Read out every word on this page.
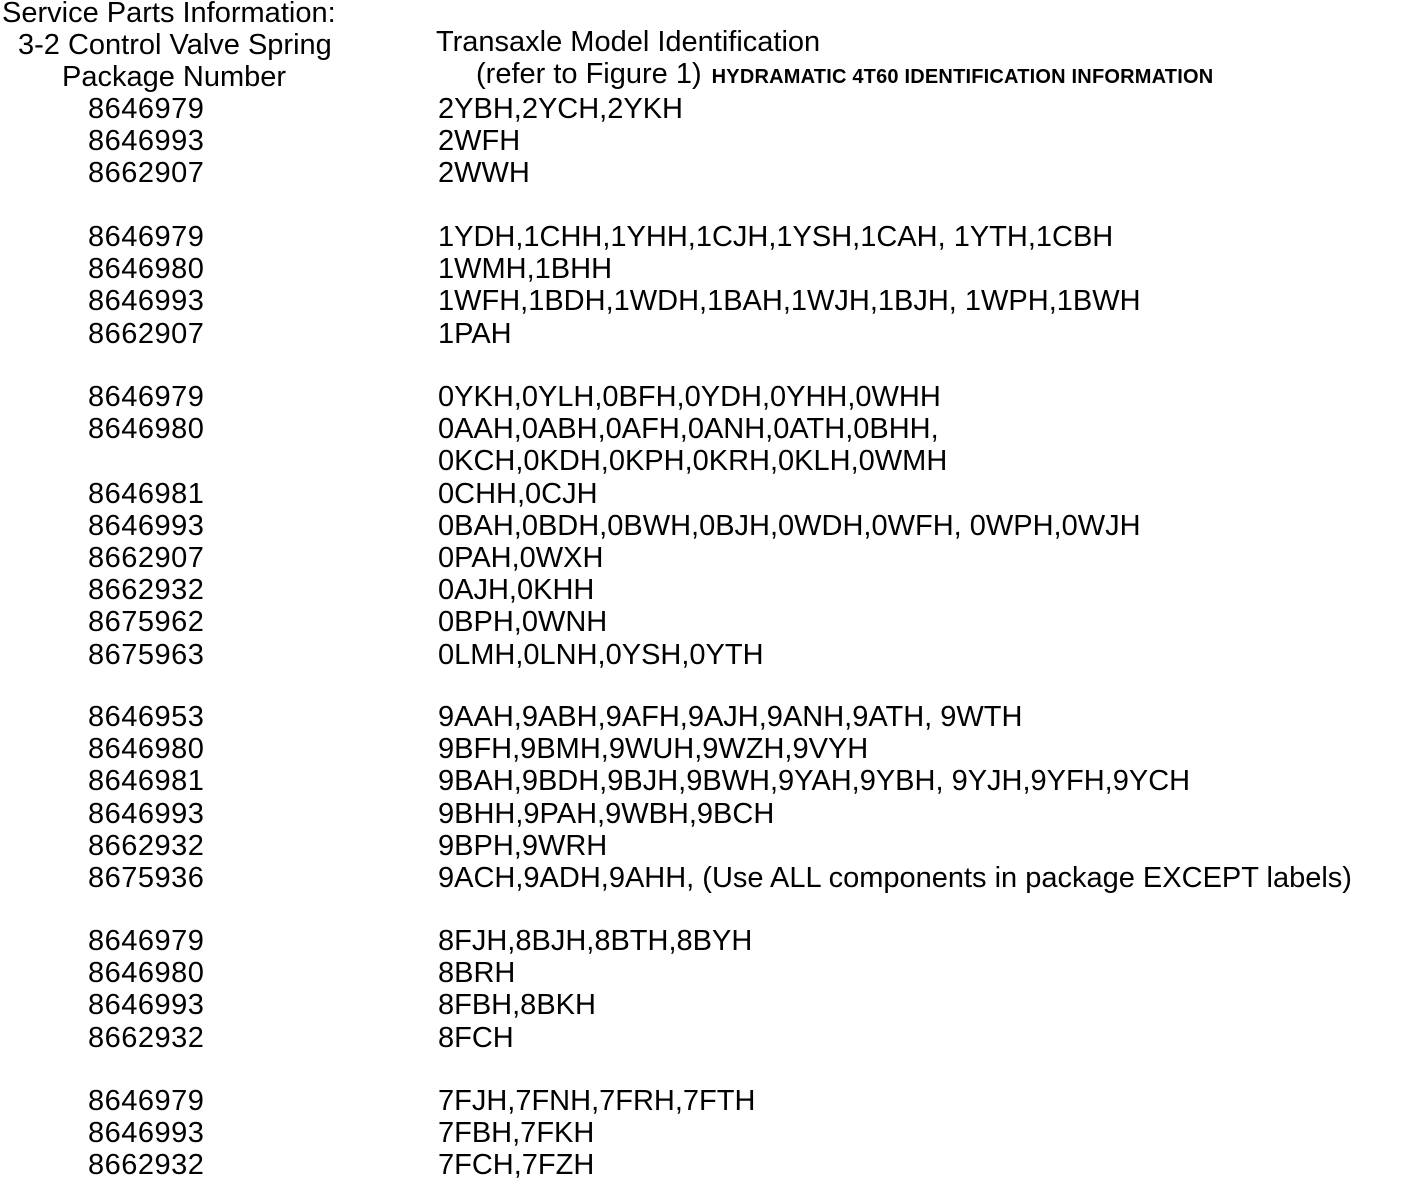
Service Parts Information:
3-2 Control Valve Spring
Package Number
Transaxle Model Identification
(refer to Figure 1) HYDRAMATIC 4T60 IDENTIFICATION INFORMATION
8646979	2YBH,2YCH,2YKH
8646993	2WFH
8662907	2WWH
8646979	1YDH,1CHH,1YHH,1CJH,1YSH,1CAH, 1YTH,1CBH
8646980	1WMH,1BHH
8646993	1WFH,1BDH,1WDH,1BAH,1WJH,1BJH, 1WPH,1BWH
8662907	1PAH
8646979	0YKH,0YLH,0BFH,0YDH,0YHH,0WHH
8646980	0AAH,0ABH,0AFH,0ANH,0ATH,0BHH,
0KCH,0KDH,0KPH,0KRH,0KLH,0WMH
8646981	0CHH,0CJH
8646993	0BAH,0BDH,0BWH,0BJH,0WDH,0WFH, 0WPH,0WJH
8662907	0PAH,0WXH
8662932	0AJH,0KHH
8675962	0BPH,0WNH
8675963	0LMH,0LNH,0YSH,0YTH
8646953	9AAH,9ABH,9AFH,9AJH,9ANH,9ATH, 9WTH
8646980	9BFH,9BMH,9WUH,9WZH,9VYH
8646981	9BAH,9BDH,9BJH,9BWH,9YAH,9YBH, 9YJH,9YFH,9YCH
8646993	9BHH,9PAH,9WBH,9BCH
8662932	9BPH,9WRH
8675936	9ACH,9ADH,9AHH, (Use ALL components in package EXCEPT labels)
8646979	8FJH,8BJH,8BTH,8BYH
8646980	8BRH
8646993	8FBH,8BKH
8662932	8FCH
8646979	7FJH,7FNH,7FRH,7FTH
8646993	7FBH,7FKH
8662932	7FCH,7FZH
